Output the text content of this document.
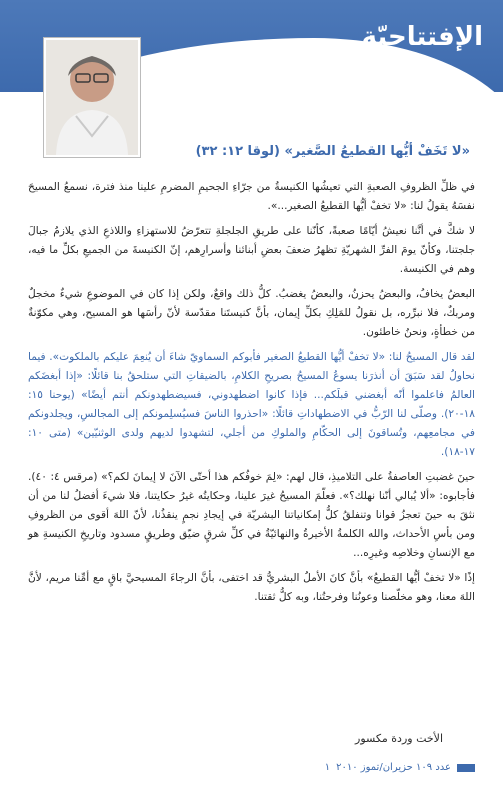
الإفتتاحيّة
«لا تَخَفْ أيُّها القطيعُ الصَّغير» (لوقا ١٢: ٣٢)

في ظلِّ الظروفِ الصعبةِ التي تعيشُها الكنيسةُ من جرّاءِ الجحيمِ المضرمِ علينا منذ فترة، نسمعُ المسيحَ نفسَهُ يقولُ لنا: «لا تخفْ أيُّها القطيعُ الصغير...».

لا شكَّ في أنَّنا نعيشُ أيّامًا صعبةً، كأنّنا على طريقِ الجلجلةِ تتعرّضُ للاستهزاءِ واللاذعِ الذي يلازمُ جبالَ جلجتنا، وكأنّ يومَ الفرِّ الشهريّةِ تظهرُ ضعفَ بعضِ أبنائنا وأسرارِهم، إنّ الكنيسةَ من الجميعِ بكلِّ ما فيه، وهم في الكنيسة.

البعضُ يخافُ، والبعضُ يحزنُ، والبعضُ يغضبُ. كلُّ ذلك واقعٌ، ولكن إذا كان في الموضوعِ شيءٌ مخجلٌ ومربكٌ، فلا نبرِّره، بل نقولُ للمَلِكِ بكلِّ إيمان، بأنَّ كنيستَنا مقدّسة لأنّ رأسَها هو المسيح، وهي مكوّنةٌ من خطأةٍ، ونحنُ خاطئون.

لقد قال المسيحُ لنا: «لا تخفْ أيُّها القطيعُ الصغير فأبوكم السماويّ شاءَ أن يُنعِمَ عليكم بالملكوت». فيما نحاولُ لقد سَبَقَ أن أنذرَنا يسوعُ المسيحُ بصريحِ الكلامِ، بالضيقاتِ التي ستلحقُ بنا قائلًا: «إذا أبغضَكم العالمُ فاعلموا أنّه أبغضني قبلَكم... فإذا كانوا اضطهدوني، فسيضطهدونكم أنتم أيضًا» (يوحنا ١٥: ١٨-٢٠). وصلّى لنا الرّبُّ في الاضطهاداتِ قائلًا: «احذروا الناسَ فسيُسلِمونكم إلى المجالسِ، ويجلدونكم في مجامعِهم، وتُساقونَ إلى الحكّامِ والملوكِ من أجلي، لتشهدوا لديهم ولدى الوثنيّين» (متى ١٠: ١٧-١٨).

حينَ غضبتِ العاصفةُ على التلاميذِ، قال لهم: «لِمَ خوفُكم هذا أحتّى الآنَ لا إيمانَ لكم؟» (مرقس ٤: ٤٠). فأجابوه: «ألا يُبالي أنّنا نهلك؟». فعلّمَ المسيحُ غيرَ علينا، وحكايتُه غيرُ حكايتنا، فلا شيءَ أفضلُ لنا من أن نثقَ به حينَ تعجزُ قوانا وتنفلقُ كلُّ إمكانياتنا البشريّة في إيجادِ نجمٍ ينقذُنا، لأنّ اللهَ أقوى من الظروفِ ومن بأسِ الأحداث، والله الكلمةُ الأخيرةُ والنهائيّةُ في كلِّ شرقٍ ضيّق وطريقٍ مسدود وتاريخِ الكنيسةِ هو مع الإنسانِ وخلاصِه وغيرِه...

إذًا «لا تخفْ أيُّها القطيعُ» بأنَّ كانَ الأملُ البشريُّ قد اختفى، بأنَّ الرجاءَ المسيحيَّ باقٍ مع أمِّنا مريم، لأنَّ اللهَ معنا، وهو مخلّصنا وعونُنا وفرحتُنا، وبه كلُّ ثقتنا.

الأخت وردة مكسور
عدد ١٠٩ حزيران/تموز ٢٠١٠
١
